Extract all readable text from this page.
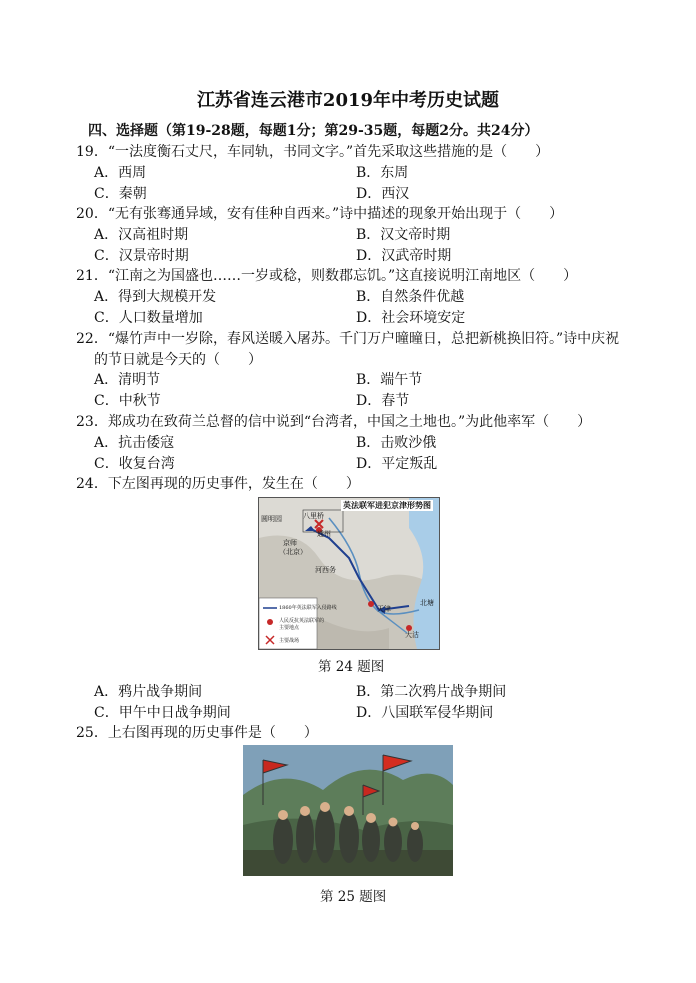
江苏省连云港市2019年中考历史试题
四、选择题（第19-28题，每题1分；第29-35题，每题2分。共24分）
19．“一法度衡石丈尺，车同轨，书同文字。”首先采取这些措施的是（　　）
A．西周	B．东周
C．秦朝	D．西汉
20．“无有张骞通异域，安有佳种自西来。”诗中描述的现象开始出现于（　　）
A．汉高祖时期	B．汉文帝时期
C．汉景帝时期	D．汉武帝时期
21．“江南之为国盛也……一岁或稔，则数郡忘饥。”这直接说明江南地区（　　）
A．得到大规模开发	B．自然条件优越
C．人口数量增加	D．社会环境安定
22．“爆竹声中一岁除，春风送暖入屠苏。千门万户曈曈日，总把新桃换旧符。”诗中庆祝
的节日就是今天的（　　）
A．清明节	B．端午节
C．中秋节	D．春节
23．郑成功在致荷兰总督的信中说到“台湾者，中国之土地也。”为此他率军（　　）
A．抗击倭寇	B．击败沙俄
C．收复台湾	D．平定叛乱
24．下左图再现的历史事件，发生在（　　）
英法联军进犯京津形势图
圆明园	八里桥
京师
（北京）
通州
河西务
天津
北塘
大沽
1860年英法联军入侵路线
人民反抗英法联军的
主要地点
主要战场
第 24 题图
A．鸦片战争期间	B．第二次鸦片战争期间
C．甲午中日战争期间	D．八国联军侵华期间
25．上右图再现的历史事件是（　　）
第 25 题图
